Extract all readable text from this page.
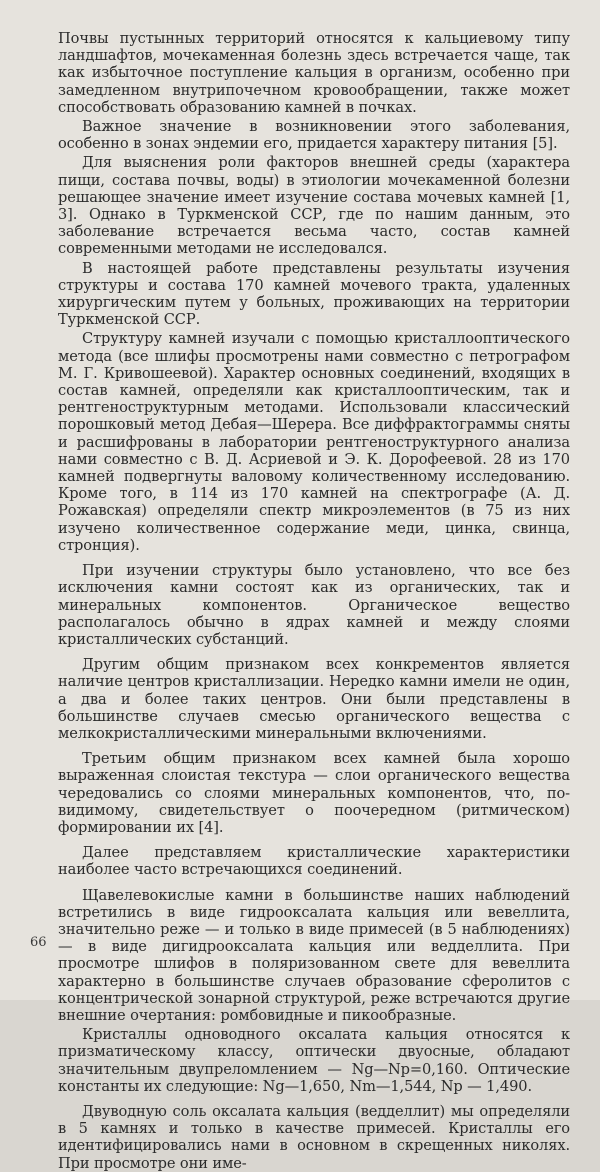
Почвы пустынных территорий относятся к кальциевому типу ландшафтов, мочекаменная болезнь здесь встречается чаще, так как избыточное поступление кальция в организм, особенно при замедленном внутрипочечном кровообращении, также может способствовать образованию камней в почках.

Важное значение в возникновении этого заболевания, особенно в зонах эндемии его, придается характеру питания [5].

Для выяснения роли факторов внешней среды (характера пищи, состава почвы, воды) в этиологии мочекаменной болезни решающее значение имеет изучение состава мочевых камней [1, 3]. Однако в Туркменской ССР, где по нашим данным, это заболевание встречается весьма часто, состав камней современными методами не исследовался.

В настоящей работе представлены результаты изучения структуры и состава 170 камней мочевого тракта, удаленных хирургическим путем у больных, проживающих на территории Туркменской ССР.

Структуру камней изучали с помощью кристаллооптического метода (все шлифы просмотрены нами совместно с петрографом М. Г. Кривошеевой). Характер основных соединений, входящих в состав камней, определяли как кристаллооптическим, так и рентгеноструктурным методами. Использовали классический порошковый метод Дебая—Шерера. Все диффрактограммы сняты и расшифрованы в лаборатории рентгеноструктурного анализа нами совместно с В. Д. Асриевой и Э. К. Дорофеевой. 28 из 170 камней подвергнуты валовому количественному исследованию. Кроме того, в 114 из 170 камней на спектрографе (А. Д. Рожавская) определяли спектр микроэлементов (в 75 из них изучено количественное содержание меди, цинка, свинца, стронция).

При изучении структуры было установлено, что все без исключения камни состоят как из органических, так и минеральных компонентов. Органическое вещество располагалось обычно в ядрах камней и между слоями кристаллических субстанций.

Другим общим признаком всех конкрементов является наличие центров кристаллизации. Нередко камни имели не один, а два и более таких центров. Они были представлены в большинстве случаев смесью органического вещества с мелкокристаллическими минеральными включениями.

Третьим общим признаком всех камней была хорошо выраженная слоистая текстура — слои органического вещества чередовались со слоями минеральных компонентов, что, по-видимому, свидетельствует о поочередном (ритмическом) формировании их [4].

Далее представляем кристаллические характеристики наиболее часто встречающихся соединений.

Щавелевокислые камни в большинстве наших наблюдений встретились в виде гидрооксалата кальция или вевеллита, значительно реже — и только в виде примесей (в 5 наблюдениях) — в виде дигидрооксалата кальция или ведделлита. При просмотре шлифов в поляризованном свете для вевеллита характерно в большинстве случаев образование сферолитов с концентрической зонарной структурой, реже встречаются другие внешние очертания: ромбовидные и пикообразные.

Кристаллы одноводного оксалата кальция относятся к призматическому классу, оптически двуосные, обладают значительным двупреломлением — Ng—Np=0,160. Оптические константы их следующие: Ng—1,650, Nm—1,544, Np — 1,490.

Двуводную соль оксалата кальция (ведделлит) мы определяли в 5 камнях и только в качестве примесей. Кристаллы его идентифицировались нами в основном в скрещенных николях. При просмотре они име-

66
